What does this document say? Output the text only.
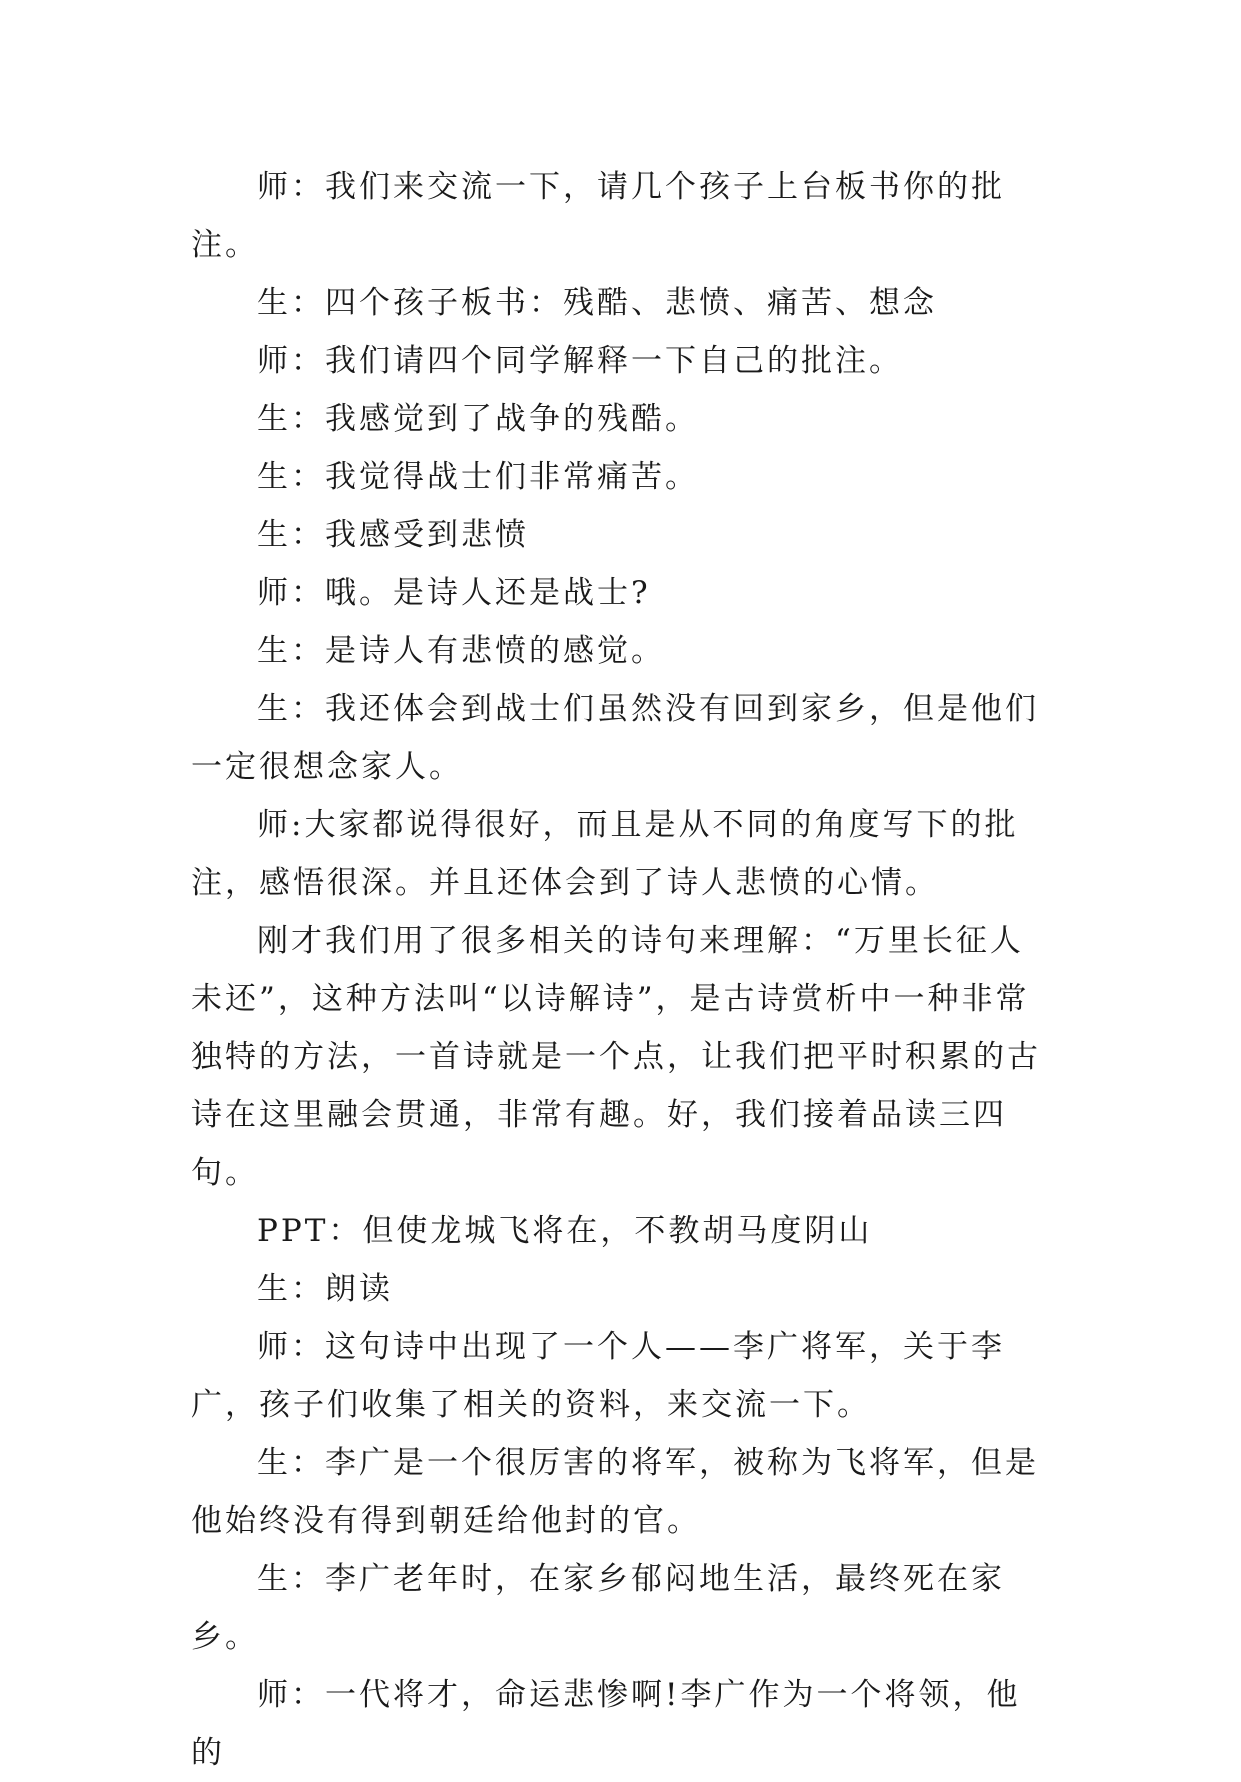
师：我们来交流一下，请几个孩子上台板书你的批注。

生：四个孩子板书：残酷、悲愤、痛苦、想念

师：我们请四个同学解释一下自己的批注。

生：我感觉到了战争的残酷。

生：我觉得战士们非常痛苦。

生：我感受到悲愤

师：哦。是诗人还是战士?

生：是诗人有悲愤的感觉。

生：我还体会到战士们虽然没有回到家乡，但是他们一定很想念家人。

师:大家都说得很好，而且是从不同的角度写下的批注，感悟很深。并且还体会到了诗人悲愤的心情。

刚才我们用了很多相关的诗句来理解：“万里长征人未还”，这种方法叫“以诗解诗”，是古诗赏析中一种非常独特的方法，一首诗就是一个点，让我们把平时积累的古诗在这里融会贯通，非常有趣。好，我们接着品读三四句。

PPT：但使龙城飞将在，不教胡马度阴山

生：朗读

师：这句诗中出现了一个人——李广将军，关于李广，孩子们收集了相关的资料，来交流一下。

生：李广是一个很厉害的将军，被称为飞将军，但是他始终没有得到朝廷给他封的官。

生：李广老年时，在家乡郁闷地生活，最终死在家乡。

师：一代将才，命运悲惨啊!李广作为一个将领，他的
